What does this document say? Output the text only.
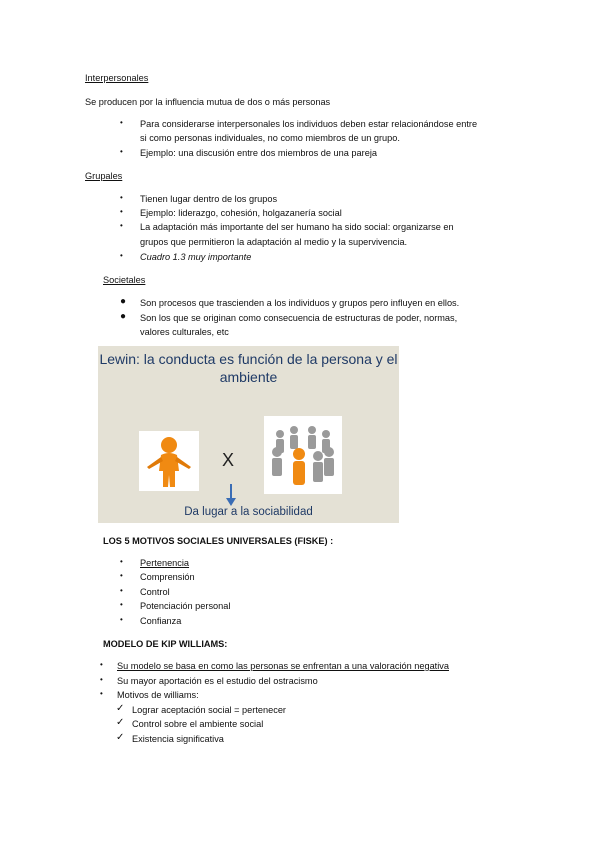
Interpersonales
Se producen por la influencia mutua de dos o más personas
• Para considerarse interpersonales los individuos deben estar relacionándose entre
si como personas individuales, no como miembros de un grupo.
• Ejemplo: una discusión entre dos miembros de una pareja
Grupales
• Tienen lugar dentro de los grupos
• Ejemplo: liderazgo, cohesión, holgazanería social
• La adaptación más importante del ser humano ha sido social: organizarse en
grupos que permitieron la adaptación al medio y la supervivencia.
• Cuadro 1.3 muy importante
Societales
● Son procesos que trascienden a los individuos y grupos pero influyen en ellos.
● Son los que se originan como consecuencia de estructuras de poder, normas,
valores culturales, etc
Lewin: la conducta es función de la persona y el ambiente
X
Da lugar a la sociabilidad
LOS 5 MOTIVOS SOCIALES UNIVERSALES (FISKE) :
• Pertenencia
• Comprensión
• Control
• Potenciación personal
• Confianza
MODELO DE KIP WILLIAMS:
• Su modelo se basa en como las personas se enfrentan a una valoración negativa
• Su mayor aportación es el estudio del ostracismo
• Motivos de williams:
✓ Lograr aceptación social = pertenecer
✓ Control sobre el ambiente social
✓ Existencia significativa
